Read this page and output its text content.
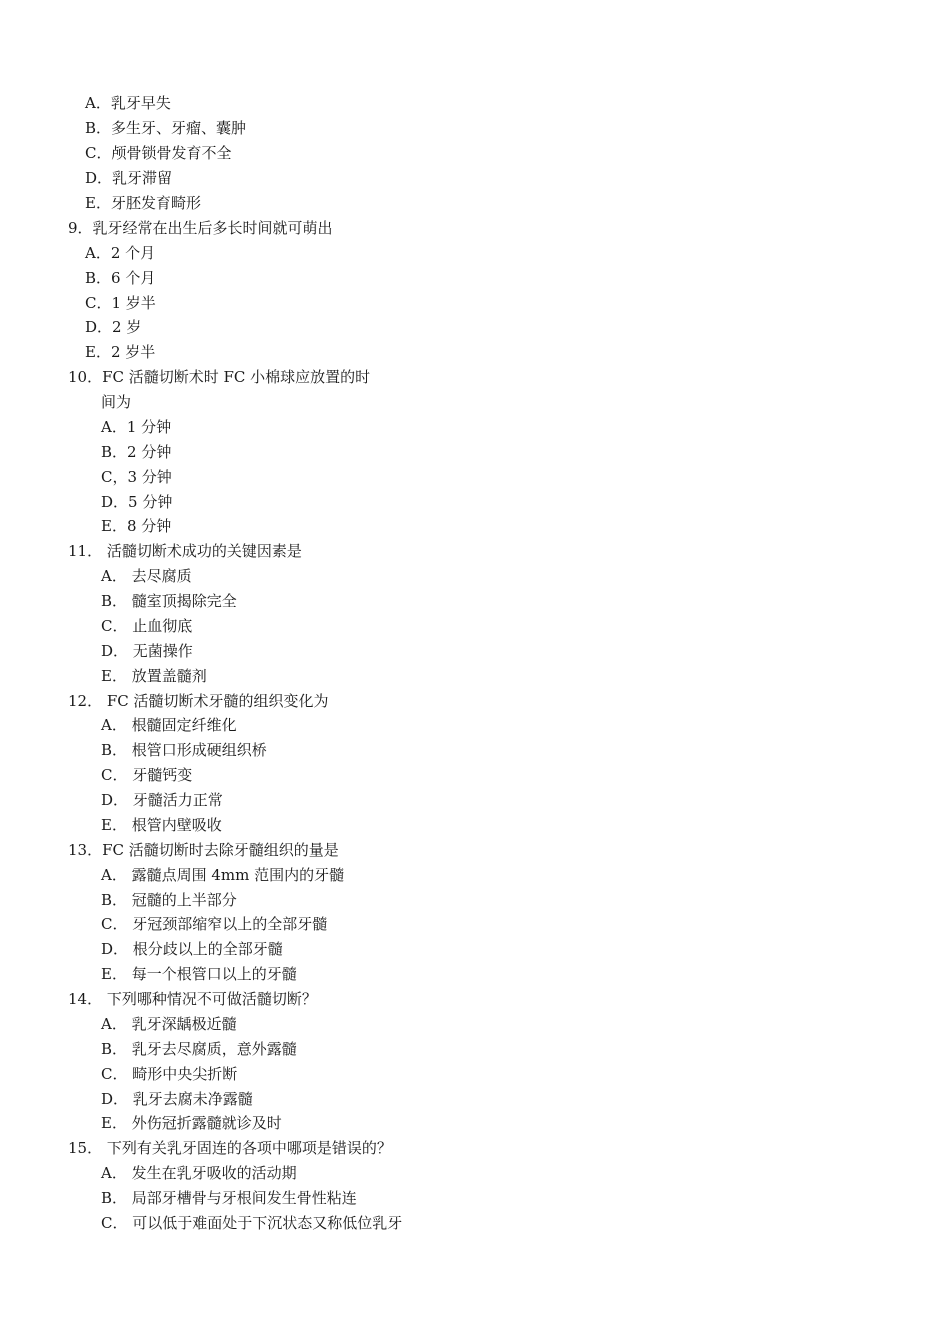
A．乳牙早失
B．多生牙、牙瘤、囊肿
C．颅骨锁骨发育不全
D．乳牙滞留
E．牙胚发育畸形
9．乳牙经常在出生后多长时间就可萌出
A．2 个月
B．6 个月
C．1 岁半
D．2 岁
E．2 岁半
10．FC 活髓切断术时 FC 小棉球应放置的时
间为
A．1 分钟
B．2 分钟
C，3 分钟
D．5 分钟
E．8 分钟
11． 活髓切断术成功的关键因素是
A． 去尽腐质
B． 髓室顶揭除完全
C． 止血彻底
D． 无菌操作
E． 放置盖髓剂
12． FC 活髓切断术牙髓的组织变化为
A． 根髓固定纤维化
B． 根管口形成硬组织桥
C． 牙髓钙变
D． 牙髓活力正常
E． 根管内壁吸收
13．FC 活髓切断时去除牙髓组织的量是
A． 露髓点周围 4mm 范围内的牙髓
B． 冠髓的上半部分
C． 牙冠颈部缩窄以上的全部牙髓
D． 根分歧以上的全部牙髓
E． 每一个根管口以上的牙髓
14． 下列哪种情况不可做活髓切断？
A． 乳牙深龋极近髓
B． 乳牙去尽腐质，意外露髓
C． 畸形中央尖折断
D． 乳牙去腐未净露髓
E． 外伤冠折露髓就诊及时
15． 下列有关乳牙固连的各项中哪项是错误的？
A． 发生在乳牙吸收的活动期
B． 局部牙槽骨与牙根间发生骨性粘连
C． 可以低于难面处于下沉状态又称低位乳牙
